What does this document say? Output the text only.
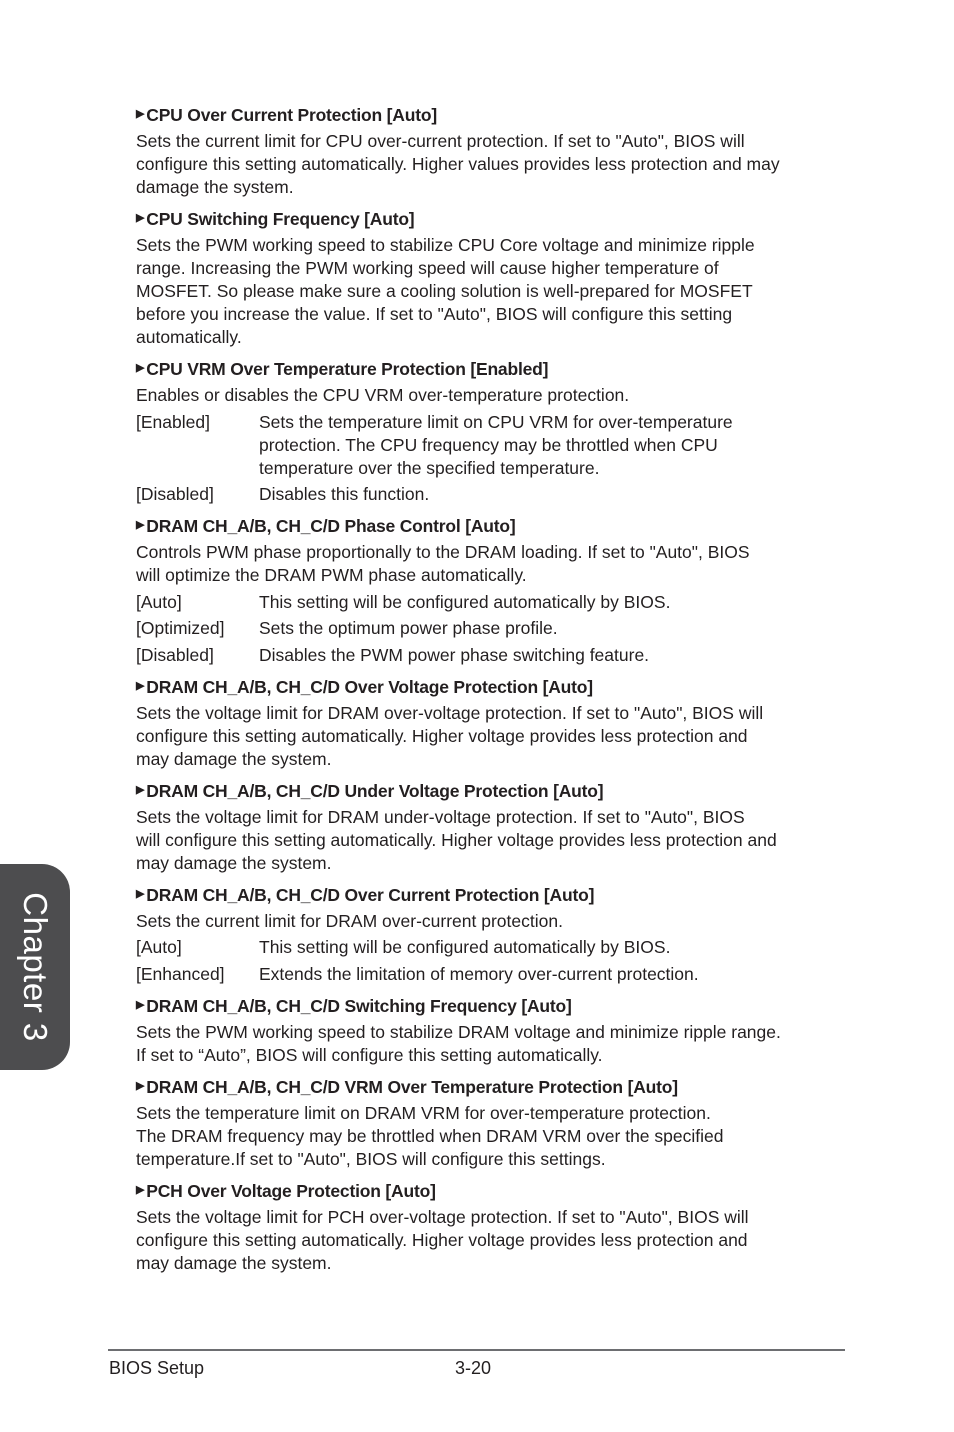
▶ CPU Over Current Protection [Auto]
Sets the current limit for CPU over-current protection. If set to "Auto", BIOS will
configure this setting automatically. Higher values provides less protection and may
damage the system.
▶ CPU Switching Frequency [Auto]
Sets the PWM working speed to stabilize CPU Core voltage and minimize ripple
range. Increasing the PWM working speed will cause higher temperature of
MOSFET. So please make sure a cooling solution is well-prepared for MOSFET
before you increase the value. If set to "Auto", BIOS will configure this setting
automatically.
▶ CPU VRM Over Temperature Protection [Enabled]
Enables or disables the CPU VRM over-temperature protection.
[Enabled]	Sets the temperature limit on CPU VRM for over-temperature
protection. The CPU frequency may be throttled when CPU
temperature over the specified temperature.
[Disabled]	Disables this function.
▶ DRAM CH_A/B, CH_C/D Phase Control [Auto]
Controls PWM phase proportionally to the DRAM loading. If set to "Auto", BIOS
will optimize the DRAM PWM phase automatically.
[Auto]	This setting will be configured automatically by BIOS.
[Optimized]	Sets the optimum power phase profile.
[Disabled]	Disables the PWM power phase switching feature.
▶ DRAM CH_A/B, CH_C/D Over Voltage Protection [Auto]
Sets the voltage limit for DRAM over-voltage protection. If set to "Auto", BIOS will
configure this setting automatically. Higher voltage provides less protection and
may damage the system.
▶ DRAM CH_A/B, CH_C/D Under Voltage Protection [Auto]
Sets the voltage limit for DRAM under-voltage protection. If set to "Auto", BIOS
will configure this setting automatically. Higher voltage provides less protection and
may damage the system.
▶ DRAM CH_A/B, CH_C/D Over Current Protection [Auto]
Sets the current limit for DRAM over-current protection.
[Auto]	This setting will be configured automatically by BIOS.
[Enhanced]	Extends the limitation of memory over-current protection.
▶ DRAM CH_A/B, CH_C/D Switching Frequency [Auto]
Sets the PWM working speed to stabilize DRAM voltage and minimize ripple range.
If set to “Auto”, BIOS will configure this setting automatically.
▶ DRAM CH_A/B, CH_C/D VRM Over Temperature Protection [Auto]
Sets the temperature limit on DRAM VRM for over-temperature protection.
The DRAM frequency may be throttled when DRAM VRM over the specified
temperature.If set to "Auto", BIOS will configure this settings.
▶ PCH Over Voltage Protection [Auto]
Sets the voltage limit for PCH over-voltage protection. If set to "Auto", BIOS will
configure this setting automatically. Higher voltage provides less protection and
may damage the system.
BIOS Setup	3-20
Chapter 3
